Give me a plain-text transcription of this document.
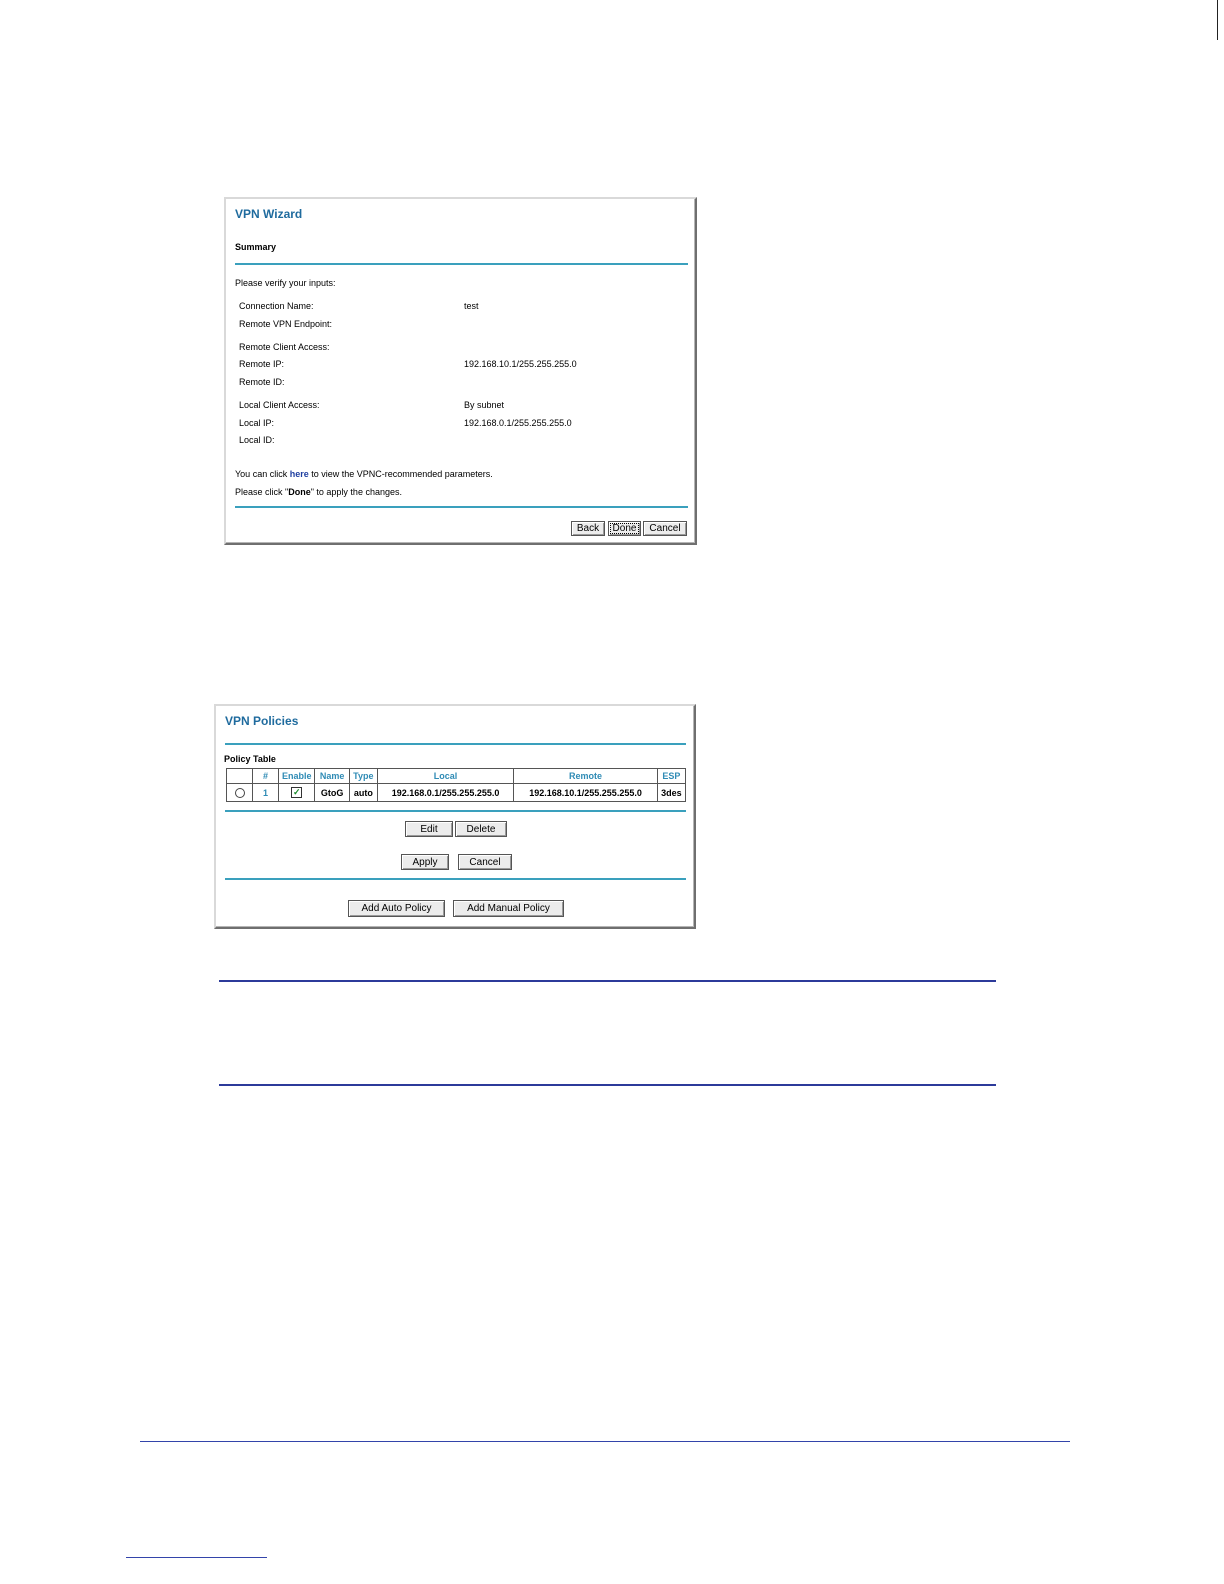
VPN Wizard
Summary
Please verify your inputs:
Connection Name:	test
Remote VPN Endpoint:
Remote Client Access:
Remote IP:	192.168.10.1/255.255.255.0
Remote ID:
Local Client Access:	By subnet
Local IP:	192.168.0.1/255.255.255.0
Local ID:
You can click here to view the VPNC-recommended parameters.
Please click "Done" to apply the changes.
Back	Done	Cancel
VPN Policies
Policy Table
	#	Enable	Name	Type	Local	Remote	ESP
	1	✓	GtoG	auto	192.168.0.1/255.255.255.0	192.168.10.1/255.255.255.0	3des
Edit	Delete
Apply	Cancel
Add Auto Policy	Add Manual Policy
